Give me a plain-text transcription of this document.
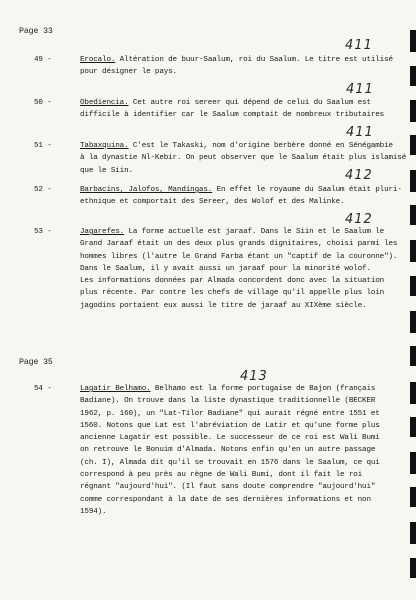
Page 33
411
49 -	Erocalo. Altération de buur-Saalum, roi du Saalum. Le titre est utilisé
pour désigner le pays.
411
50 -	Obediencia. Cet autre roi sereer qui dépend de celui du Saalum est
difficile à identifier car le Saalum comptait de nombreux tributaires
411
51 -	Tabaxquina. C'est le Takaski, nom d'origine berbère donné en Sénégambie
à la dynastie Nl-Kebir. On peut observer que le Saalum était plus islamisé
que le Siin.	412
52 -	Barbacins, Jalofos, Mandingas. En effet le royaume du Saalum était pluri-
ethnique et comportait des Sereer, des Wolof et des Malinke.
412
53 -	Jagarefes. La forme actuelle est jaraaf. Dans le Siin et le Saalum le
Grand Jaraaf était un des deux plus grands dignitaires, choisi parmi les
hommes libres (l'autre le Grand Farba étant un "captif de la couronne").
Dans le Saalum, il y avait aussi un jaraaf pour la minorité wolof.
Les informations données par Almada concordent donc avec la situation
plus récente. Par contre les chefs de village qu'il appelle plus loin
jagodins portaient eux aussi le titre de jaraaf au XIXème siècle.
Page 35
413
54 -	Lagatir Belhamo. Belhamo est la forme portugaise de Bajon (français
Badiane). On trouve dans la liste dynastique traditionnelle (BECKER
1962, p. 160), un "Lat-Tilor Badiane" qui aurait régné entre 1551 et
1560. Notons que Lat est l'abréviation de Latir et qu'une forme plus
ancienne Lagatir est possible. Le successeur de ce roi est Wali Bumi
on retrouve le Bonuim d'Almada. Notons enfin qu'en un autre passage
(ch. I), Almada dit qu'il se trouvait en 1576 dans le Saalum, ce qui
correspond à peu près au règne de Wali Bumi, dont il fait le roi
régnant "aujourd'hui". (Il faut sans doute comprendre "aujourd'hui"
comme correspondant à la date de ses dernières informations et non
1594).
